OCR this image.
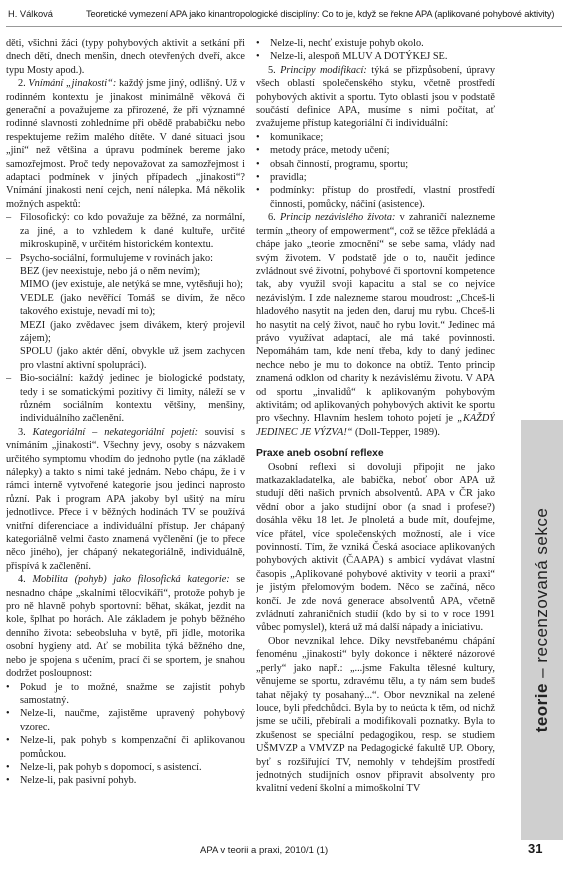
H. Válková	Teoretické vymezení APA jako kinantropologické disciplíny: Co to je, když se řekne APA (aplikované pohybové aktivity)

děti, všichni žáci (typy pohybových aktivit a setkání při dnech dětí, dnech menšin, dnech otevřených dveří, akce typu Mosty apod.).

2. Vnímání „jinakosti“: každý jsme jiný, odlišný. Už v rodinném kontextu je jinakost minimálně věková či generační a považujeme za přirozené, že při významné rodinné slavnosti zohledníme při obědě prababičku nebo respektujeme režim malého dítěte. V dané situaci jsou „jiní“ než většina a úpravu podmínek bereme jako samozřejmost. Proč tedy nepovažovat za samozřejmost i adaptaci podmínek v jiných případech „jinakosti“? Vnímání jinakosti není cejch, není nálepka. Má několik možných aspektů:

– Filosofický: co kdo považuje za běžné, za normální, za jiné, a to vzhledem k dané kultuře, určité mikroskupině, v určitém historickém kontextu.
– Psycho-sociální, formulujeme v rovinách jako:
BEZ (jev neexistuje, nebo já o něm nevím);
MIMO (jev existuje, ale netýká se mne, vytěsňuji ho);
VEDLE (jako nevěřící Tomáš se divím, že něco takového existuje, nevadí mi to);
MEZI (jako zvědavec jsem divákem, který projevil zájem);
SPOLU (jako aktér dění, obvykle už jsem zachycen pro vlastní aktivní spolupráci).
– Bio-sociální: každý jedinec je biologické podstaty, tedy i se somatickými pozitivy či limity, náleží se v různém sociálním kontextu většiny, menšiny, individuálního začlenění.

3. Kategoriální – nekategoriální pojetí: souvisí s vnímáním „jinakosti“. Všechny jevy, osoby s názvakem určitého symptomu vhodím do jednoho pytle (na základě nálepky) a takto s nimi také jednám. Nebo chápu, že i v rámci interně vytvořené kategorie jsou jedinci naprosto různí. Pak i program APA jakoby byl ušitý na míru jednotlivce. Přece i v běžných hodinách TV se používá vnitřní diferenciace a individuální přístup. Jer chápaný kategoriálně velmi často znamená vyčlenění (je to přece něco jiného), jer chápaný nekategoriálně, individuálně, přispívá k začlenění.

4. Mobilita (pohyb) jako filosofická kategorie: se nesnadno chápe „skalními tělocvikáři“, protože pohyb je pro ně hlavně pohyb sportovní: běhat, skákat, jezdit na kole, šplhat po horách. Ale základem je pohyb běžného denního života: sebeobsluha v bytě, při jídle, motorika osobní hygieny atd. Ať se mobilita týká běžného dne, nebo je spojena s učením, prací či se sportem, je snahou dodržet posloupnost:

• Pokud je to možné, snažme se zajistit pohyb samostatný.
• Nelze-li, naučme, zajistěme upravený pohybový vzorec.
• Nelze-li, pak pohyb s kompenzační či aplikovanou pomůckou.
• Nelze-li, pak pohyb s dopomocí, s asistencí.
• Nelze-li, pak pasivní pohyb.
• Nelze-li, nechť existuje pohyb okolo.
• Nelze-li, alespoň MLUV A DOTÝKEJ SE.

5. Principy modifikací: týká se přizpůsobení, úpravy všech oblastí společenského styku, včetně prostředí pohybových aktivit a sportu. Tyto oblasti jsou v podstatě součástí definice APA, musíme s nimi počítat, ať zvažujeme přístup kategoriální či individuální:

• komunikace;
• metody práce, metody učení;
• obsah činností, programu, sportu;
• pravidla;
• podmínky: přístup do prostředí, vlastní prostředí činnosti, pomůcky, náčiní (asistence).

6. Princip nezávislého života: v zahraničí nalezneme termín „theory of empowerment“, což se těžce překládá a chápe jako „teorie zmocnění“ se sebe sama, vlády nad svým životem. V podstatě jde o to, naučit jedince zvládnout své životní, pohybové či sportovní kompetence tak, aby využil svoji kapacitu a stal se co nejvíce nezávislým. I zde nalezneme starou moudrost: „Chceš-li hladového nasytit na jeden den, daruj mu rybu. Chceš-li ho nasytit na celý život, nauč ho rybu lovit.“ Jedinec má právo využívat adaptací, ale má také povinnosti. Nepomáhám tam, kde není třeba, kdy to daný jedinec nechce nebo je mu to dokonce na obtíž. Tento princip znamená odklon od charity k nezávislému životu. V APA od sportu „invalidů“ k aplikovaným pohybovým aktivitám; od aplikovaných pohybových aktivit ke sportu pro všechny. Hlavním heslem tohoto pojetí je „KAŽDÝ JEDINEC JE VÝZVA!“ (Doll-Tepper, 1989).

Praxe aneb osobní reflexe

Osobní reflexi si dovoluji připojit ne jako matkazakladatelka, ale babička, neboť obor APA už studují děti našich prvních absolventů. APA v ČR jako vědní obor a jako studijní obor (a snad i profese?) dosáhla věku 18 let. Je plnoletá a bude mít, doufejme, více přátel, více společenských možností, ale i více povinností. Tím, že vzniká Česká asociace aplikovaných pohybových aktivit (ČAAPA) s ambicí vydávat vlastní časopis „Aplikované pohybové aktivity v teorii a praxi“ je jistým přelomovým bodem. Něco se začíná, něco končí. Je zde nová generace absolventů APA, včetně zvládnutí zahraničních studií (kdo by si to v roce 1991 vůbec pomyslel), která už má další nápady a iniciativu.

Obor nevznikal lehce. Díky nevstřebanému chápání fenoménu „jinakosti“ byly dokonce i některé názorové „perly“ jako např.: „...jsme Fakulta tělesné kultury, věnujeme se sportu, zdravému tělu, a ty nám sem budeš tahat nějaký ty posahaný...“. Obor nevznikal na zelené louce, byli předchůdci. Byla by to neúcta k těm, od nichž jsme se učili, přebírali a modifikovali poznatky. Byla to zkušenost se speciální pedagogikou, resp. se studiem UŠMVZP a VMVZP na Pedagogické fakultě UP. Obory, byť s rozšiřující TV, nemohly v tehdejším prostředí jednotných studijních osnov připravit absolventy pro kvalitní vedení školní a mimoškolní TV

teorie – recenzovaná sekce
APA v teorii a praxi, 2010/1 (1)	31
